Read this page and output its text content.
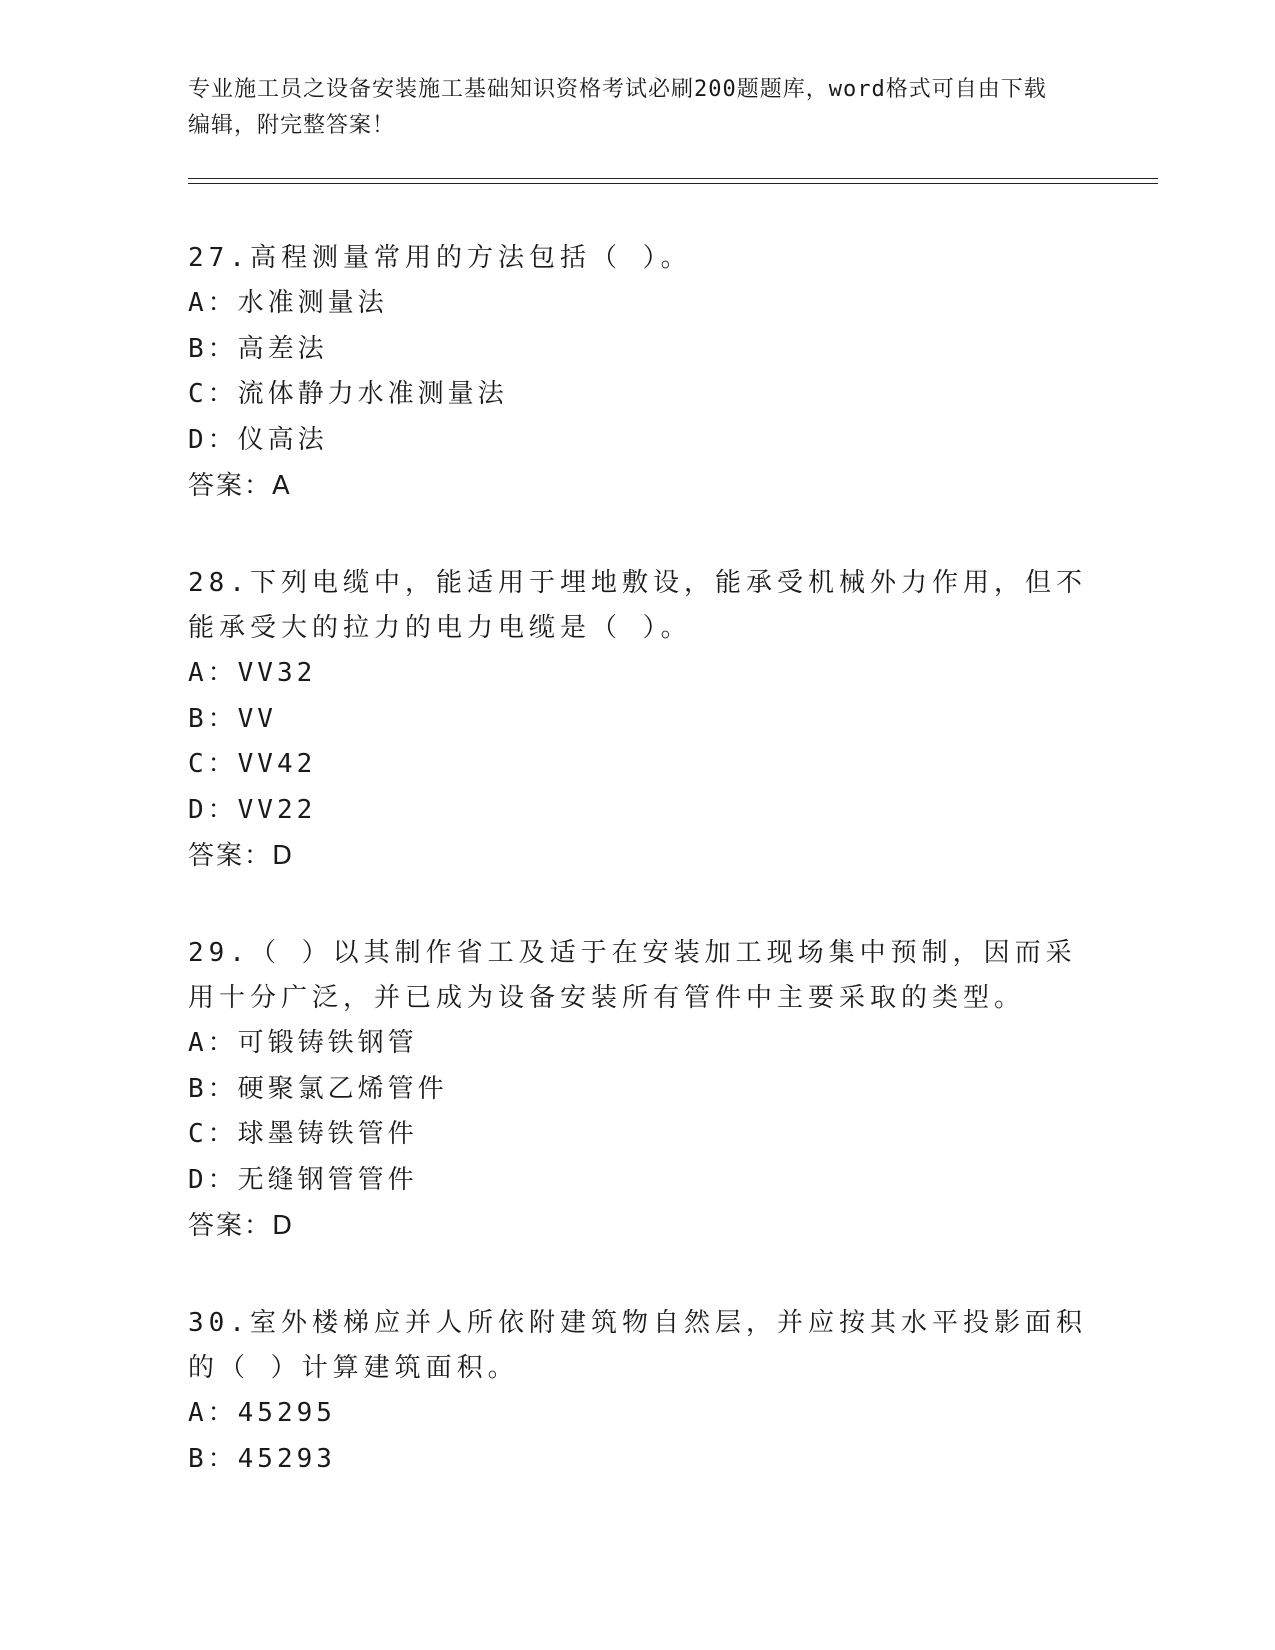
专业施工员之设备安装施工基础知识资格考试必刷200题题库，word格式可自由下载编辑，附完整答案！
27.高程测量常用的方法包括（ ）。
A：水准测量法
B：高差法
C：流体静力水准测量法
D：仪高法
答案：A
28.下列电缆中，能适用于埋地敷设，能承受机械外力作用，但不能承受大的拉力的电力电缆是（ ）。
A：VV32
B：VV
C：VV42
D：VV22
答案：D
29.（ ）以其制作省工及适于在安装加工现场集中预制，因而采用十分广泛，并已成为设备安装所有管件中主要采取的类型。
A：可锻铸铁钢管
B：硬聚氯乙烯管件
C：球墨铸铁管件
D：无缝钢管管件
答案：D
30.室外楼梯应并人所依附建筑物自然层，并应按其水平投影面积的（ ）计算建筑面积。
A：45295
B：45293
